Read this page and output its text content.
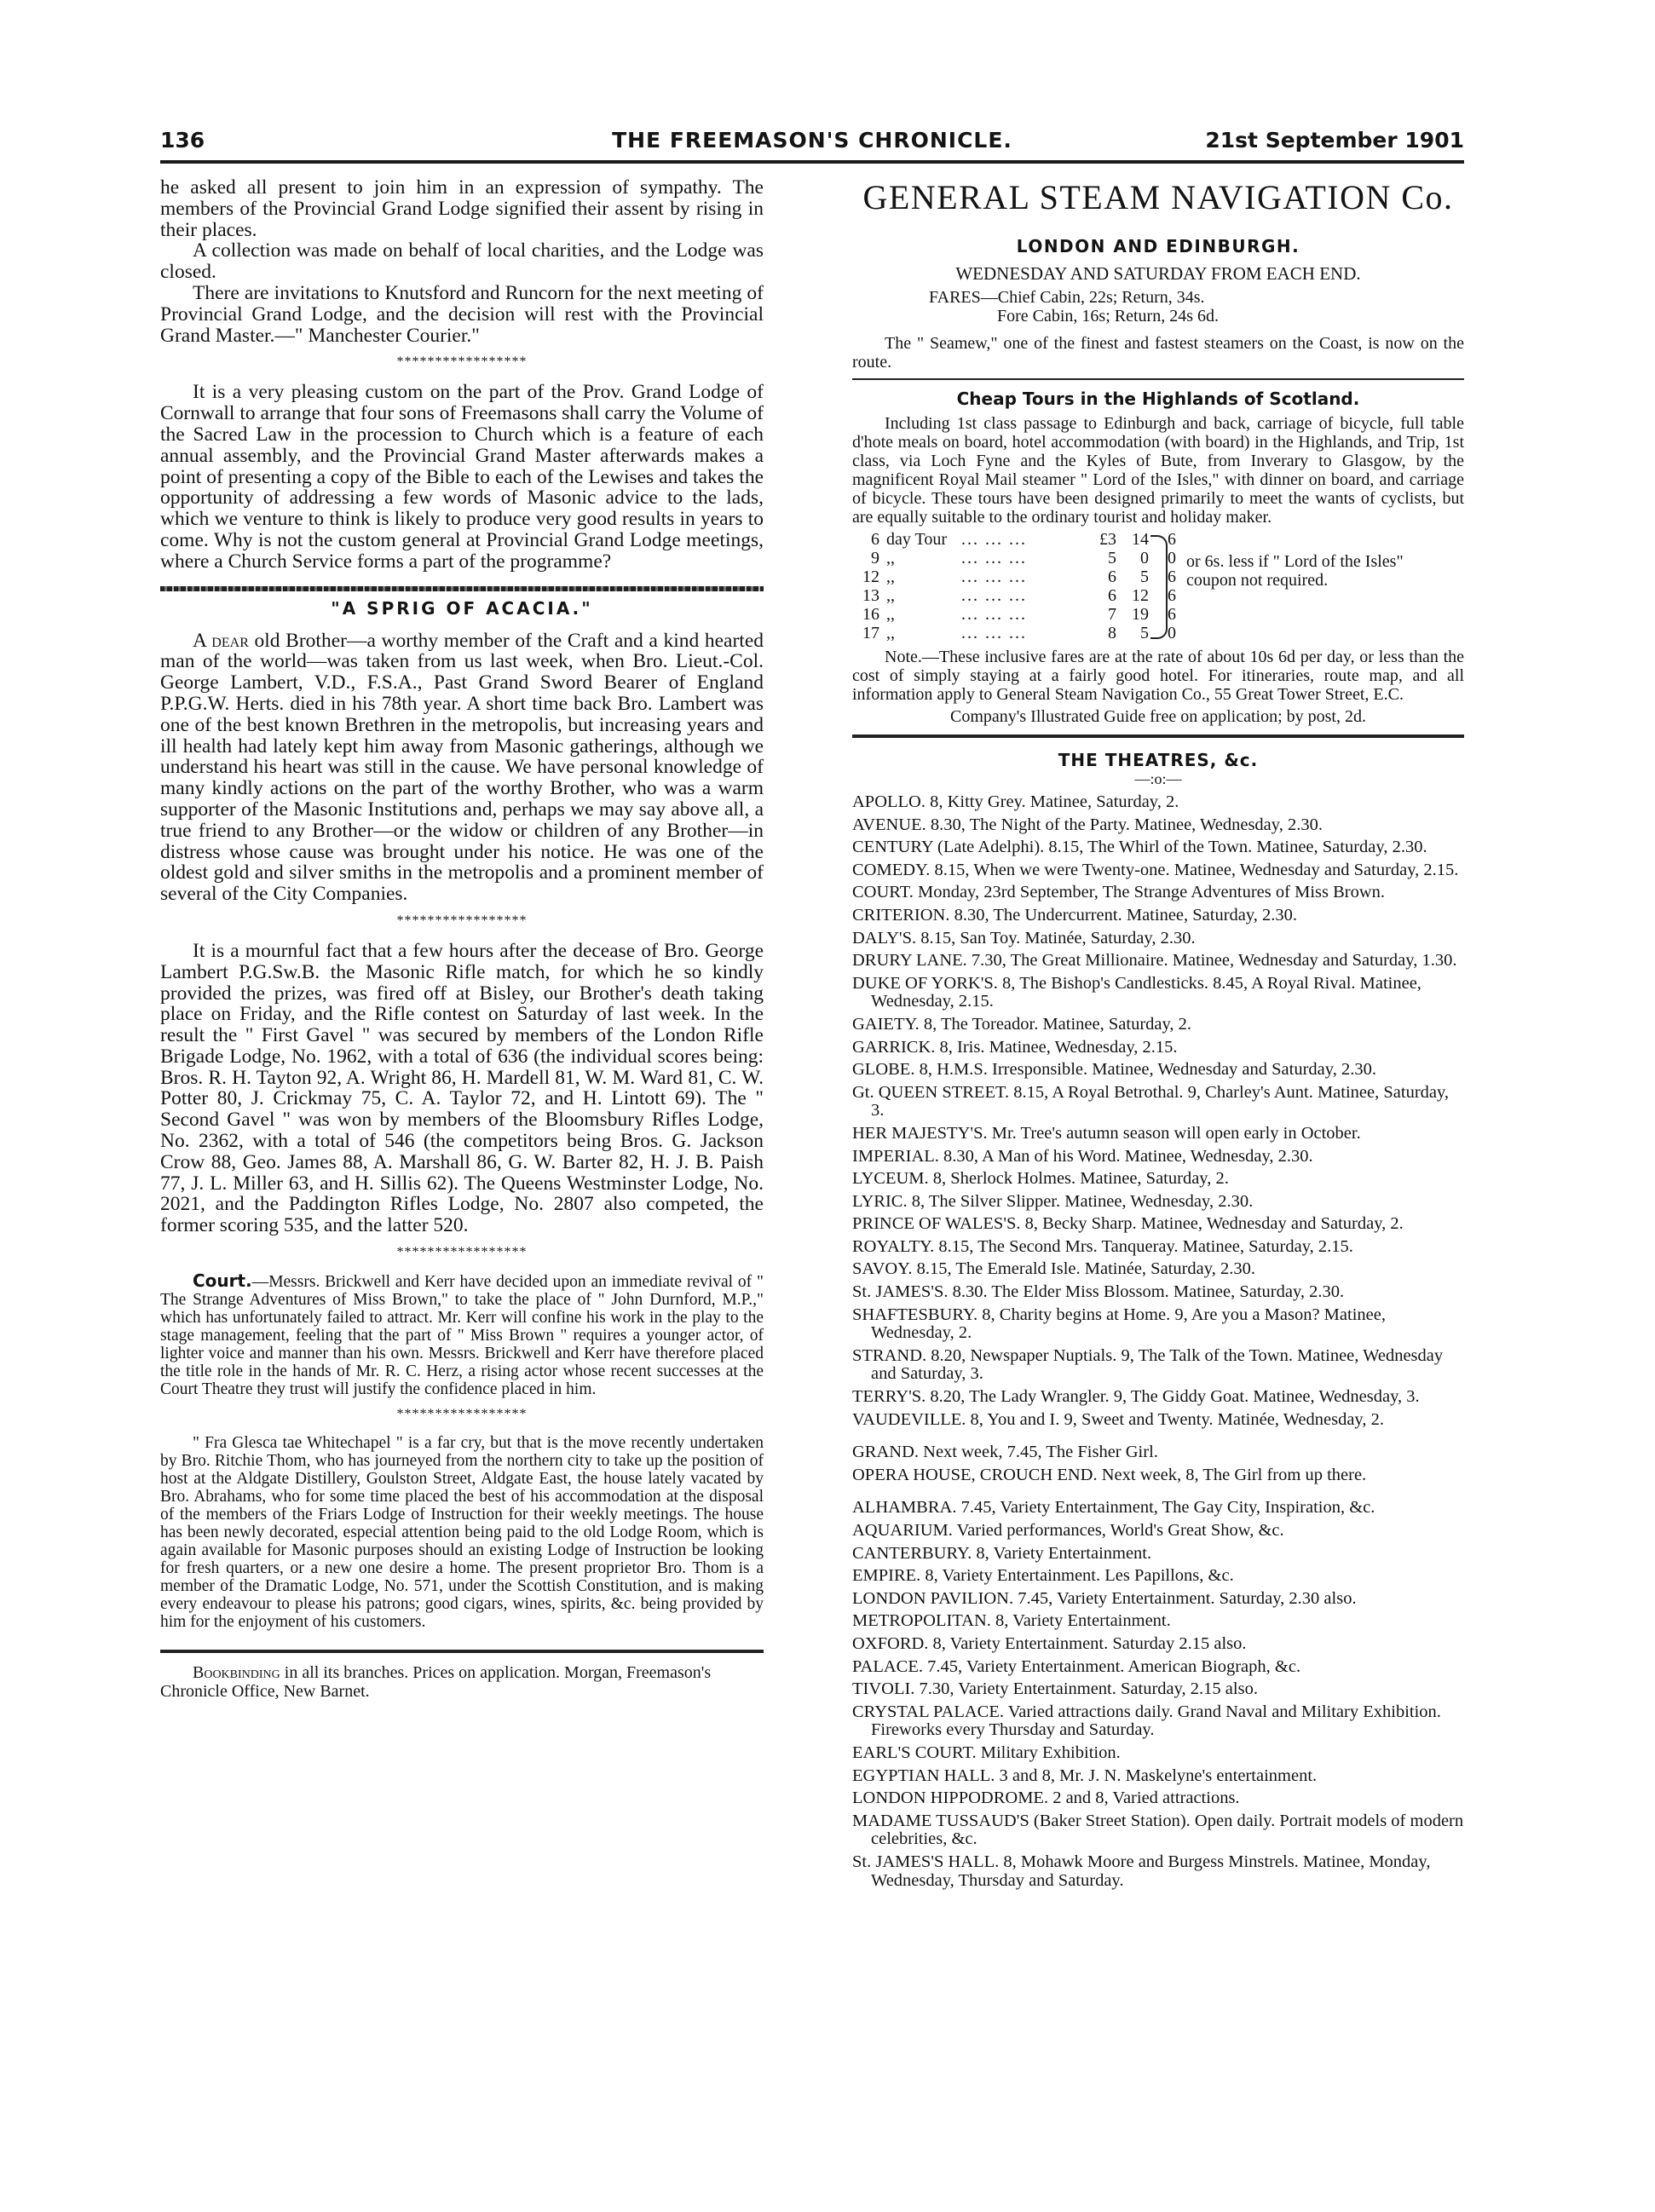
136	THE FREEMASON'S CHRONICLE.	21st September 1901

he asked all present to join him in an expression of sympathy. The members of the Provincial Grand Lodge signified their assent by rising in their places.

A collection was made on behalf of local charities, and the Lodge was closed.

There are invitations to Knutsford and Runcorn for the next meeting of Provincial Grand Lodge, and the decision will rest with the Provincial Grand Master.—" Manchester Courier."

*****************

It is a very pleasing custom on the part of the Prov. Grand Lodge of Cornwall to arrange that four sons of Freemasons shall carry the Volume of the Sacred Law in the procession to Church which is a feature of each annual assembly, and the Provincial Grand Master afterwards makes a point of presenting a copy of the Bible to each of the Lewises and takes the opportunity of addressing a few words of Masonic advice to the lads, which we venture to think is likely to produce very good results in years to come. Why is not the custom general at Provincial Grand Lodge meetings, where a Church Service forms a part of the programme?

"A SPRIG OF ACACIA."

A dear old Brother—a worthy member of the Craft and a kind hearted man of the world—was taken from us last week, when Bro. Lieut.-Col. George Lambert, V.D., F.S.A., Past Grand Sword Bearer of England P.P.G.W. Herts. died in his 78th year. A short time back Bro. Lambert was one of the best known Brethren in the metropolis, but increasing years and ill health had lately kept him away from Masonic gatherings, although we understand his heart was still in the cause. We have personal knowledge of many kindly actions on the part of the worthy Brother, who was a warm supporter of the Masonic Institutions and, perhaps we may say above all, a true friend to any Brother—or the widow or children of any Brother—in distress whose cause was brought under his notice. He was one of the oldest gold and silver smiths in the metropolis and a prominent member of several of the City Companies.

*****************

It is a mournful fact that a few hours after the decease of Bro. George Lambert P.G.Sw.B. the Masonic Rifle match, for which he so kindly provided the prizes, was fired off at Bisley, our Brother's death taking place on Friday, and the Rifle contest on Saturday of last week. In the result the " First Gavel " was secured by members of the London Rifle Brigade Lodge, No. 1962, with a total of 636 (the individual scores being: Bros. R. H. Tayton 92, A. Wright 86, H. Mardell 81, W. M. Ward 81, C. W. Potter 80, J. Crickmay 75, C. A. Taylor 72, and H. Lintott 69). The " Second Gavel " was won by members of the Bloomsbury Rifles Lodge, No. 2362, with a total of 546 (the competitors being Bros. G. Jackson Crow 88, Geo. James 88, A. Marshall 86, G. W. Barter 82, H. J. B. Paish 77, J. L. Miller 63, and H. Sillis 62). The Queens Westminster Lodge, No. 2021, and the Paddington Rifles Lodge, No. 2807 also competed, the former scoring 535, and the latter 520.

*****************

Court.—Messrs. Brickwell and Kerr have decided upon an immediate revival of " The Strange Adventures of Miss Brown," to take the place of " John Durnford, M.P.," which has unfortunately failed to attract. Mr. Kerr will confine his work in the play to the stage management, feeling that the part of " Miss Brown " requires a younger actor, of lighter voice and manner than his own. Messrs. Brickwell and Kerr have therefore placed the title role in the hands of Mr. R. C. Herz, a rising actor whose recent successes at the Court Theatre they trust will justify the confidence placed in him.

*****************

" Fra Glesca tae Whitechapel " is a far cry, but that is the move recently undertaken by Bro. Ritchie Thom, who has journeyed from the northern city to take up the position of host at the Aldgate Distillery, Goulston Street, Aldgate East, the house lately vacated by Bro. Abrahams, who for some time placed the best of his accommodation at the disposal of the members of the Friars Lodge of Instruction for their weekly meetings. The house has been newly decorated, especial attention being paid to the old Lodge Room, which is again available for Masonic purposes should an existing Lodge of Instruction be looking for fresh quarters, or a new one desire a home. The present proprietor Bro. Thom is a member of the Dramatic Lodge, No. 571, under the Scottish Constitution, and is making every endeavour to please his patrons; good cigars, wines, spirits, &c. being provided by him for the enjoyment of his customers.

Bookbinding in all its branches. Prices on application. Morgan, Freemason's Chronicle Office, New Barnet.

GENERAL STEAM NAVIGATION Co.
LONDON AND EDINBURGH.
WEDNESDAY AND SATURDAY FROM EACH END.
FARES—Chief Cabin, 22s; Return, 34s.
Fore Cabin, 16s; Return, 24s 6d.

The " Seamew," one of the finest and fastest steamers on the Coast, is now on the route.

Cheap Tours in the Highlands of Scotland.

Including 1st class passage to Edinburgh and back, carriage of bicycle, full table d'hote meals on board, hotel accommodation (with board) in the Highlands, and Trip, 1st class, via Loch Fyne and the Kyles of Bute, from Inverary to Glasgow, by the magnificent Royal Mail steamer " Lord of the Isles," with dinner on board, and carriage of bicycle. These tours have been designed primarily to meet the wants of cyclists, but are equally suitable to the ordinary tourist and holiday maker.

6	day Tour	... ... ...	£3	14	6
9	,,	... ... ...	5	0	0
12	,,	... ... ...	6	5	6
13	,,	... ... ...	6	12	6
16	,,	... ... ...	7	19	6
17	,,	... ... ...	8	5	0
or 6s. less if " Lord of the Isles" coupon not required.

Note.—These inclusive fares are at the rate of about 10s 6d per day, or less than the cost of simply staying at a fairly good hotel. For itineraries, route map, and all information apply to General Steam Navigation Co., 55 Great Tower Street, E.C.

Company's Illustrated Guide free on application; by post, 2d.
THE THEATRES, &c.
—:o:—

APOLLO. 8, Kitty Grey. Matinee, Saturday, 2.

AVENUE. 8.30, The Night of the Party. Matinee, Wednesday, 2.30.

CENTURY (Late Adelphi). 8.15, The Whirl of the Town. Matinee, Saturday, 2.30.

COMEDY. 8.15, When we were Twenty-one. Matinee, Wednesday and Saturday, 2.15.

COURT. Monday, 23rd September, The Strange Adventures of Miss Brown.

CRITERION. 8.30, The Undercurrent. Matinee, Saturday, 2.30.

DALY'S. 8.15, San Toy. Matinée, Saturday, 2.30.

DRURY LANE. 7.30, The Great Millionaire. Matinee, Wednesday and Saturday, 1.30.

DUKE OF YORK'S. 8, The Bishop's Candlesticks. 8.45, A Royal Rival. Matinee, Wednesday, 2.15.

GAIETY. 8, The Toreador. Matinee, Saturday, 2.

GARRICK. 8, Iris. Matinee, Wednesday, 2.15.

GLOBE. 8, H.M.S. Irresponsible. Matinee, Wednesday and Saturday, 2.30.

Gt. QUEEN STREET. 8.15, A Royal Betrothal. 9, Charley's Aunt. Matinee, Saturday, 3.

HER MAJESTY'S. Mr. Tree's autumn season will open early in October.

IMPERIAL. 8.30, A Man of his Word. Matinee, Wednesday, 2.30.

LYCEUM. 8, Sherlock Holmes. Matinee, Saturday, 2.

LYRIC. 8, The Silver Slipper. Matinee, Wednesday, 2.30.

PRINCE OF WALES'S. 8, Becky Sharp. Matinee, Wednesday and Saturday, 2.

ROYALTY. 8.15, The Second Mrs. Tanqueray. Matinee, Saturday, 2.15.

SAVOY. 8.15, The Emerald Isle. Matinée, Saturday, 2.30.

St. JAMES'S. 8.30. The Elder Miss Blossom. Matinee, Saturday, 2.30.

SHAFTESBURY. 8, Charity begins at Home. 9, Are you a Mason? Matinee, Wednesday, 2.

STRAND. 8.20, Newspaper Nuptials. 9, The Talk of the Town. Matinee, Wednesday and Saturday, 3.

TERRY'S. 8.20, The Lady Wrangler. 9, The Giddy Goat. Matinee, Wednesday, 3.

VAUDEVILLE. 8, You and I. 9, Sweet and Twenty. Matinée, Wednesday, 2.

GRAND. Next week, 7.45, The Fisher Girl.

OPERA HOUSE, CROUCH END. Next week, 8, The Girl from up there.

ALHAMBRA. 7.45, Variety Entertainment, The Gay City, Inspiration, &c.

AQUARIUM. Varied performances, World's Great Show, &c.

CANTERBURY. 8, Variety Entertainment.

EMPIRE. 8, Variety Entertainment. Les Papillons, &c.

LONDON PAVILION. 7.45, Variety Entertainment. Saturday, 2.30 also.

METROPOLITAN. 8, Variety Entertainment.

OXFORD. 8, Variety Entertainment. Saturday 2.15 also.

PALACE. 7.45, Variety Entertainment. American Biograph, &c.

TIVOLI. 7.30, Variety Entertainment. Saturday, 2.15 also.

CRYSTAL PALACE. Varied attractions daily. Grand Naval and Military Exhibition. Fireworks every Thursday and Saturday.

EARL'S COURT. Military Exhibition.

EGYPTIAN HALL. 3 and 8, Mr. J. N. Maskelyne's entertainment.

LONDON HIPPODROME. 2 and 8, Varied attractions.

MADAME TUSSAUD'S (Baker Street Station). Open daily. Portrait models of modern celebrities, &c.

St. JAMES'S HALL. 8, Mohawk Moore and Burgess Minstrels. Matinee, Monday, Wednesday, Thursday and Saturday.
